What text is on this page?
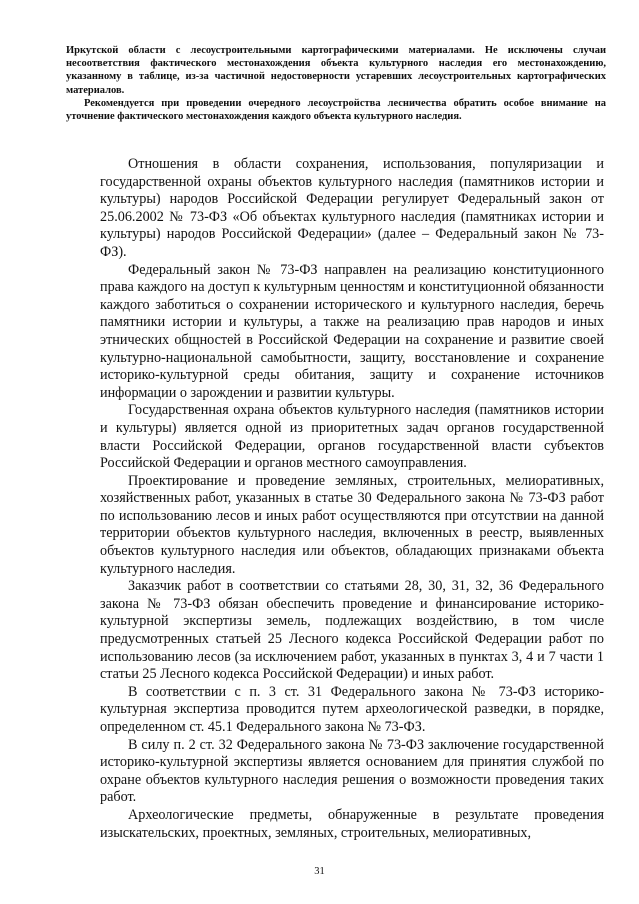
Иркутской области с лесоустроительными картографическими материалами. Не исключены случаи несоответствия фактического местонахождения объекта культурного наследия его местонахождению, указанному в таблице, из-за частичной недостоверности устаревших лесоустроительных картографических материалов.

Рекомендуется при проведении очередного лесоустройства лесничества обратить особое внимание на уточнение фактического местонахождения каждого объекта культурного наследия.

Отношения в области сохранения, использования, популяризации и государственной охраны объектов культурного наследия (памятников истории и культуры) народов Российской Федерации регулирует Федеральный закон от 25.06.2002 № 73-ФЗ «Об объектах культурного наследия (памятниках истории и культуры) народов Российской Федерации» (далее – Федеральный закон № 73-ФЗ).

Федеральный закон № 73-ФЗ направлен на реализацию конституционного права каждого на доступ к культурным ценностям и конституционной обязанности каждого заботиться о сохранении исторического и культурного наследия, беречь памятники истории и культуры, а также на реализацию прав народов и иных этнических общностей в Российской Федерации на сохранение и развитие своей культурно-национальной самобытности, защиту, восстановление и сохранение историко-культурной среды обитания, защиту и сохранение источников информации о зарождении и развитии культуры.

Государственная охрана объектов культурного наследия (памятников истории и культуры) является одной из приоритетных задач органов государственной власти Российской Федерации, органов государственной власти субъектов Российской Федерации и органов местного самоуправления.

Проектирование и проведение земляных, строительных, мелиоративных, хозяйственных работ, указанных в статье 30 Федерального закона № 73-ФЗ работ по использованию лесов и иных работ осуществляются при отсутствии на данной территории объектов культурного наследия, включенных в реестр, выявленных объектов культурного наследия или объектов, обладающих признаками объекта культурного наследия.

Заказчик работ в соответствии со статьями 28, 30, 31, 32, 36 Федерального закона № 73-ФЗ обязан обеспечить проведение и финансирование историко-культурной экспертизы земель, подлежащих воздействию, в том числе предусмотренных статьей 25 Лесного кодекса Российской Федерации работ по использованию лесов (за исключением работ, указанных в пунктах 3, 4 и 7 части 1 статьи 25 Лесного кодекса Российской Федерации) и иных работ.

В соответствии с п. 3 ст. 31 Федерального закона № 73-ФЗ историко-культурная экспертиза проводится путем археологической разведки, в порядке, определенном ст. 45.1 Федерального закона № 73-ФЗ.

В силу п. 2 ст. 32 Федерального закона № 73-ФЗ заключение государственной историко-культурной экспертизы является основанием для принятия службой по охране объектов культурного наследия решения о возможности проведения таких работ.

Археологические предметы, обнаруженные в результате проведения изыскательских, проектных, земляных, строительных, мелиоративных,

31
